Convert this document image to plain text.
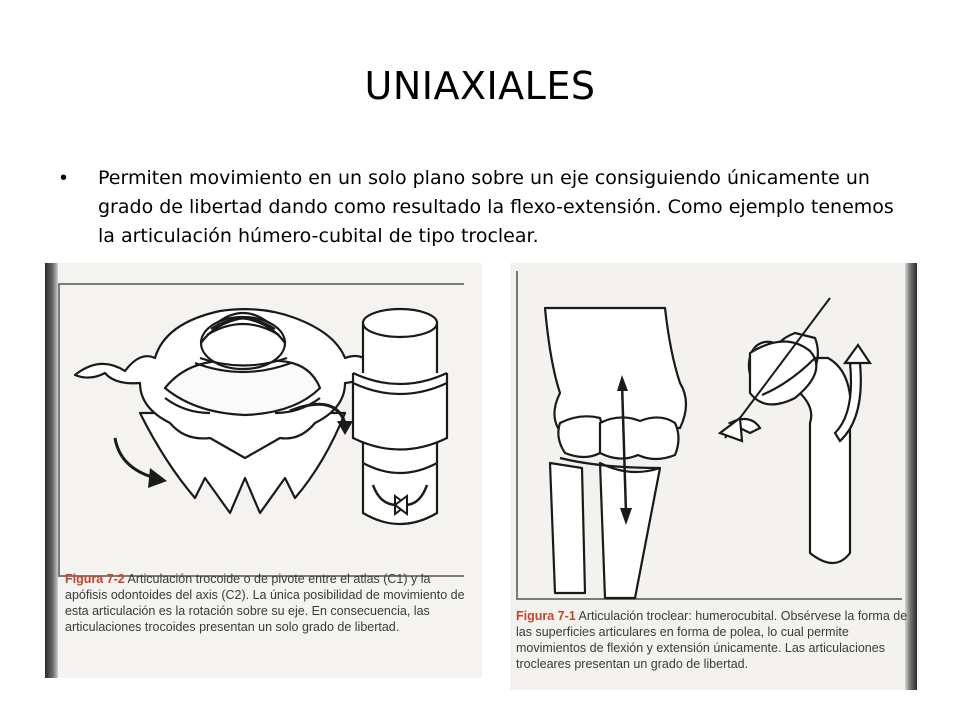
UNIAXIALES
• Permiten movimiento en un solo plano sobre un eje consiguiendo únicamente un grado de libertad dando como resultado la flexo-extensión. Como ejemplo tenemos la articulación húmero-cubital de tipo troclear.
Figura 7-2 Articulación trocoide o de pivote entre el atlas (C1) y la apófisis odontoides del axis (C2). La única posibilidad de movimiento de esta articulación es la rotación sobre su eje. En consecuencia, las articulaciones trocoides presentan un solo grado de libertad.
Figura 7-1 Articulación troclear: humerocubital. Obsérvese la forma de las superficies articulares en forma de polea, lo cual permite movimientos de flexión y extensión únicamente. Las articulaciones trocleares presentan un grado de libertad.
